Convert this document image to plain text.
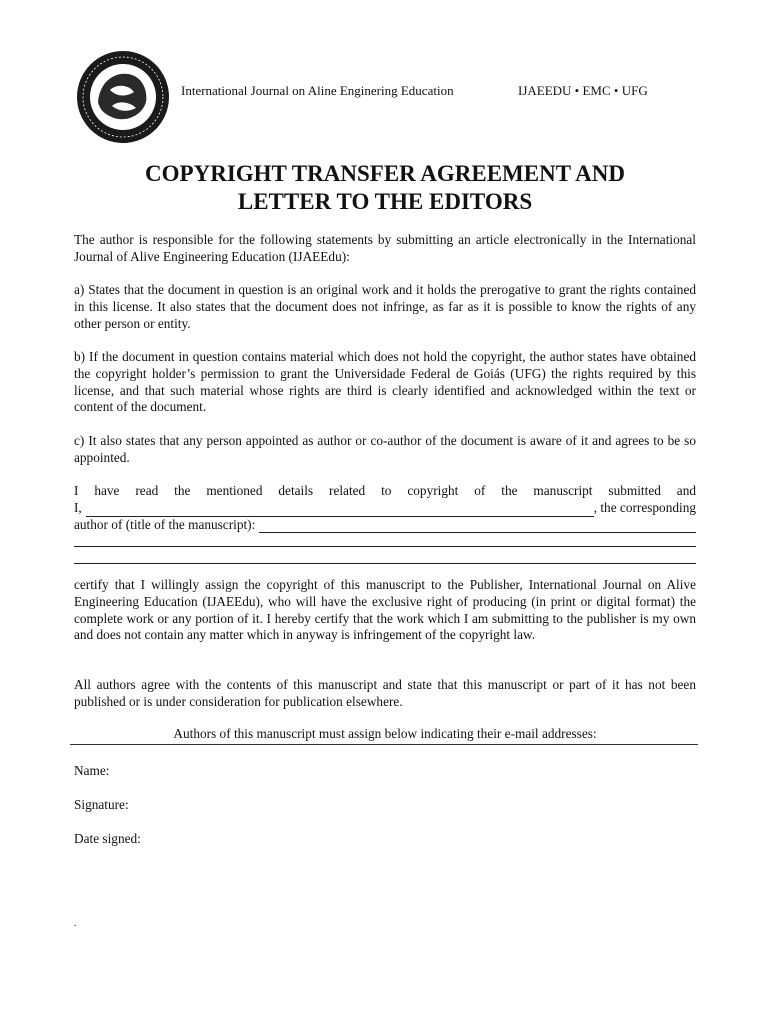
International Journal on Aline Enginering Education	IJAEEDU • EMC • UFG
COPYRIGHT TRANSFER AGREEMENT AND
LETTER TO THE EDITORS
The author is responsible for the following statements by submitting an article electronically in the International Journal of Alive Engineering Education (IJAEEdu):
a) States that the document in question is an original work and it holds the prerogative to grant the rights contained in this license. It also states that the document does not infringe, as far as it is possible to know the rights of any other person or entity.
b) If the document in question contains material which does not hold the copyright, the author states have obtained the copyright holder’s permission to grant the Universidade Federal de Goiás (UFG) the rights required by this license, and that such material whose rights are third is clearly identified and acknowledged within the text or content of the document.
c) It also states that any person appointed as author or co-author of the document is aware of it and agrees to be so appointed.
I have read the mentioned details related to copyright of the manuscript submitted and
I,	, the corresponding
author of (title of the manuscript):
certify that I willingly assign the copyright of this manuscript to the Publisher, International Journal on Alive Engineering Education (IJAEEdu), who will have the exclusive right of producing (in print or digital format) the complete work or any portion of it. I hereby certify that the work which I am submitting to the publisher is my own and does not contain any matter which in anyway is infringement of the copyright law.
All authors agree with the contents of this manuscript and state that this manuscript or part of it has not been published or is under consideration for publication elsewhere.
Authors of this manuscript must assign below indicating their e-mail addresses:
Name:
Signature:
Date signed:
.
